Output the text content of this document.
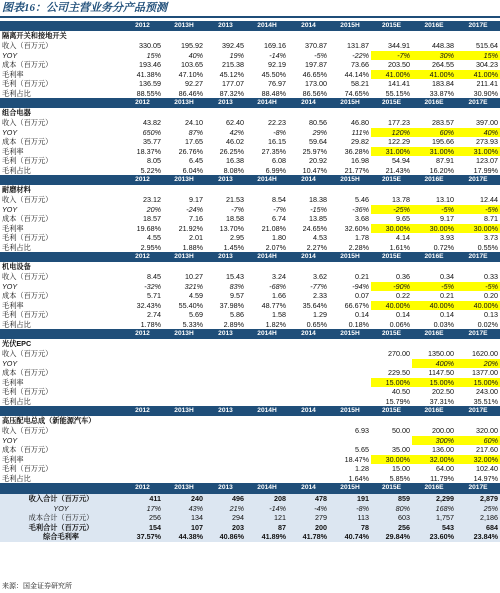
图表16：公司主营业务分产品预测
	2012	2013H	2013	2014H	2014	2015H	2015E	2016E	2017E
隔离开关和接地开关									
收入（百万元）	330.05	195.92	392.45	169.16	370.87	131.87	344.91	448.38	515.64
YOY	15%	40%	19%	-14%	-5%	-22%	-7%	30%	15%
成本（百万元）	193.46	103.65	215.38	92.19	197.87	73.66	203.50	264.55	304.23
毛利率	41.38%	47.10%	45.12%	45.50%	46.65%	44.14%	41.00%	41.00%	41.00%
毛利（百万元）	136.59	92.27	177.07	76.97	173.00	58.21	141.41	183.84	211.41
毛利占比	88.55%	86.46%	87.32%	88.48%	86.56%	74.65%	55.15%	33.87%	30.90%
	2012	2013H	2013	2014H	2014	2015H	2015E	2016E	2017E
组合电器									
收入（百万元）	43.82	24.10	62.40	22.23	80.56	46.80	177.23	283.57	397.00
YOY	650%	87%	42%	-8%	29%	111%	120%	60%	40%
成本（百万元）	35.77	17.65	46.02	16.15	59.64	29.82	122.29	195.66	273.93
毛利率	18.37%	26.76%	26.25%	27.35%	25.97%	36.28%	31.00%	31.00%	31.00%
毛利（百万元）	8.05	6.45	16.38	6.08	20.92	16.98	54.94	87.91	123.07
毛利占比	5.22%	6.04%	8.08%	6.99%	10.47%	21.77%	21.43%	16.20%	17.99%
	2012	2013H	2013	2014H	2014	2015H	2015E	2016E	2017E
耐磨材料									
收入（百万元）	23.12	9.17	21.53	8.54	18.38	5.46	13.78	13.10	12.44
YOY	20%	-24%	-7%	-7%	-15%	-36%	-25%	-5%	-5%
成本（百万元）	18.57	7.16	18.58	6.74	13.85	3.68	9.65	9.17	8.71
毛利率	19.68%	21.92%	13.70%	21.08%	24.65%	32.60%	30.00%	30.00%	30.00%
毛利（百万元）	4.55	2.01	2.95	1.80	4.53	1.78	4.14	3.93	3.73
毛利占比	2.95%	1.88%	1.45%	2.07%	2.27%	2.28%	1.61%	0.72%	0.55%
	2012	2013H	2013	2014H	2014	2015H	2015E	2016E	2017E
机电设备									
收入（百万元）	8.45	10.27	15.43	3.24	3.62	0.21	0.36	0.34	0.33
YOY	-32%	321%	83%	-68%	-77%	-94%	-90%	-5%	-5%
成本（百万元）	5.71	4.59	9.57	1.66	2.33	0.07	0.22	0.21	0.20
毛利率	32.43%	55.40%	37.98%	48.77%	35.64%	66.67%	40.00%	40.00%	40.00%
毛利（百万元）	2.74	5.69	5.86	1.58	1.29	0.14	0.14	0.14	0.13
毛利占比	1.78%	5.33%	2.89%	1.82%	0.65%	0.18%	0.06%	0.03%	0.02%
	2012	2013H	2013	2014H	2014	2015H	2015E	2016E	2017E
光伏EPC									
收入（百万元）							270.00	1350.00	1620.00
YOY								400%	20%
成本（百万元）							229.50	1147.50	1377.00
毛利率							15.00%	15.00%	15.00%
毛利（百万元）							40.50	202.50	243.00
毛利占比							15.79%	37.31%	35.51%
	2012	2013H	2013	2014H	2014	2015H	2015E	2016E	2017E
高压配电总成（新能源汽车）									
收入（百万元）						6.93	50.00	200.00	320.00
YOY								300%	60%
成本（百万元）						5.65	35.00	136.00	217.60
毛利率						18.47%	30.00%	32.00%	32.00%
毛利（百万元）						1.28	15.00	64.00	102.40
毛利占比						1.64%	5.85%	11.79%	14.97%
	2012	2013H	2013	2014H	2014	2015H	2015E	2016E	2017E
收入合计（百万元）	411	240	496	208	478	191	859	2,299	2,879
YOY	17%	43%	21%	-14%	-4%	-8%	80%	168%	25%
成本合计（百万元）	256	134	294	121	279	113	603	1,757	2,186
毛利合计（百万元）	154	107	203	87	200	78	256	543	684
综合毛利率	37.57%	44.38%	40.86%	41.89%	41.78%	40.74%	29.84%	23.60%	23.84%
来源：国金证券研究所
